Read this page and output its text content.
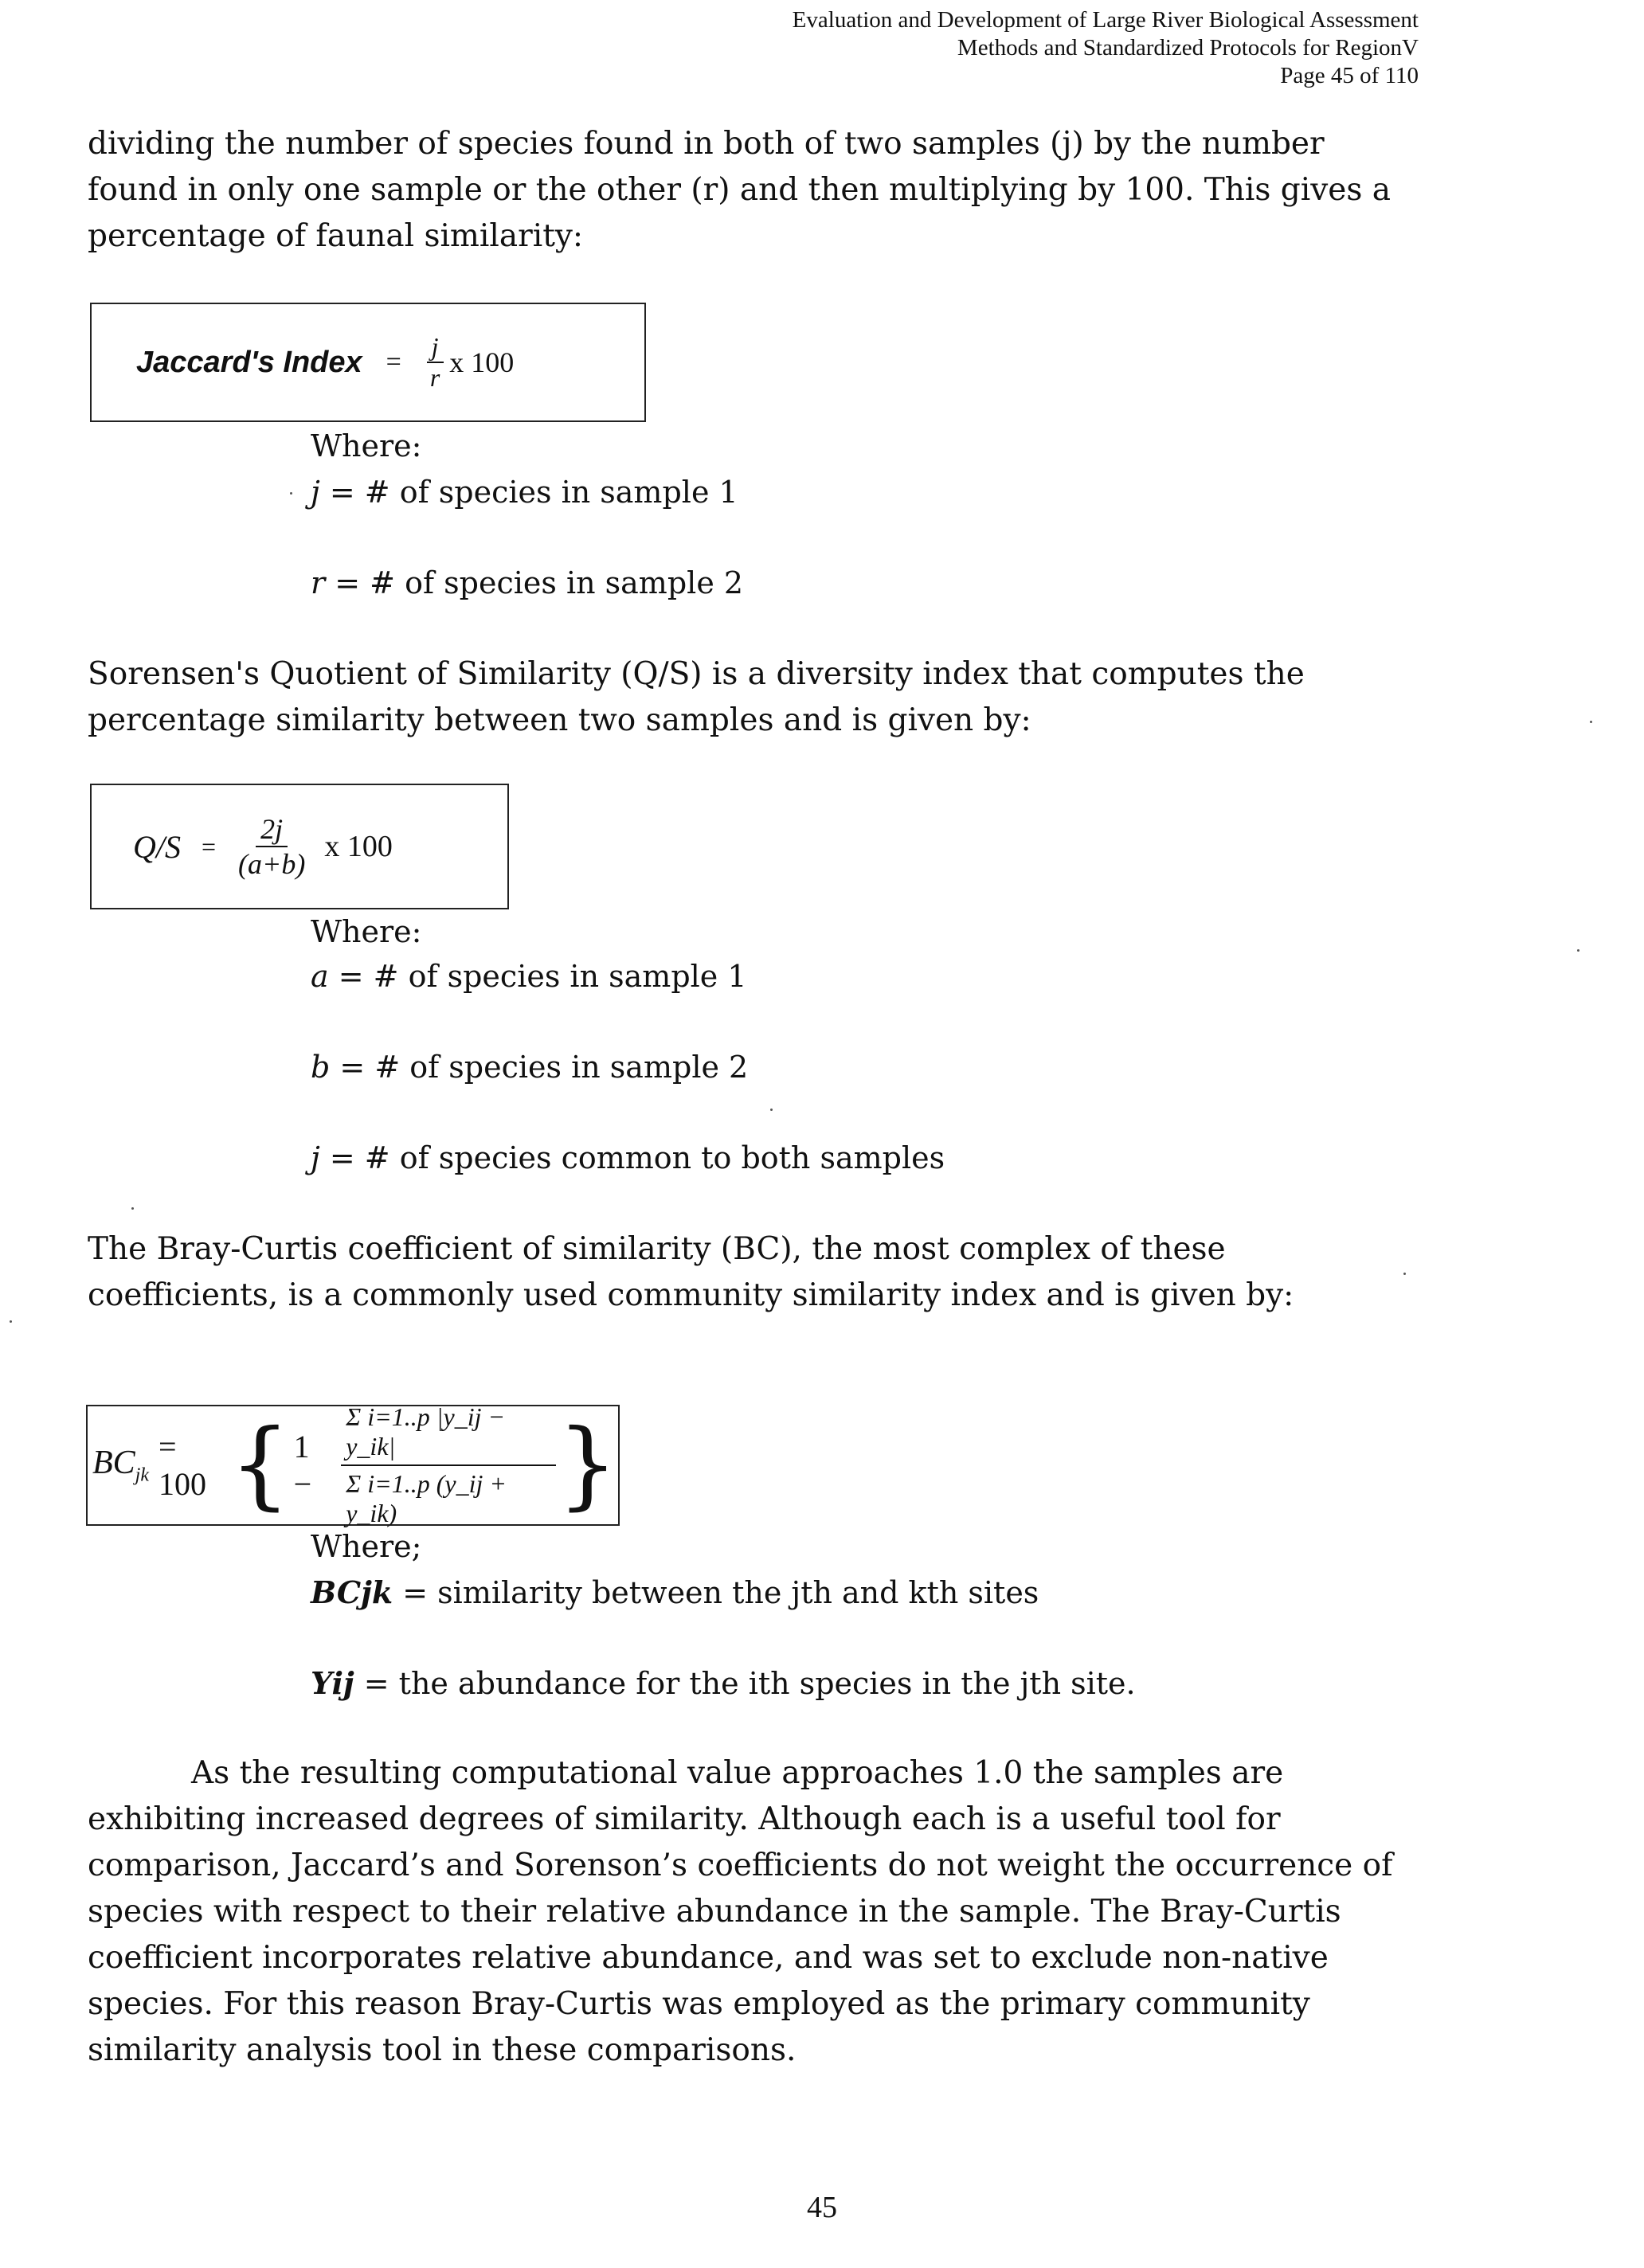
Evaluation and Development of Large River Biological Assessment
Methods and Standardized Protocols for RegionV
Page 45 of 110
dividing the number of species found in both of two samples (j) by the number found in only one sample or the other (r) and then multiplying by 100. This gives a percentage of faunal similarity:
Jaccard's Index = $\frac{j}{r}$ x 100
Where:
j = # of species in sample 1
r = # of species in sample 2
Sorensen's Quotient of Similarity (Q/S) is a diversity index that computes the percentage similarity between two samples and is given by:
$Q/S = \frac{2j}{(a+b)}$ x 100
Where:
a = # of species in sample 1
b = # of species in sample 2
j = # of species common to both samples
The Bray-Curtis coefficient of similarity (BC), the most complex of these coefficients, is a commonly used community similarity index and is given by:
$BC_{jk}$
= 100 { 1 −	$\frac{\text{Σ i=1..p |y\_ij − y\_ik|}}{\text{Σ i=1..p (y\_ij + y\_ik)}}$ }
Where;
BCjk = similarity between the jth and kth sites
Yij = the abundance for the ith species in the jth site.
As the resulting computational value approaches 1.0 the samples are exhibiting increased degrees of similarity. Although each is a useful tool for comparison, Jaccard’s and Sorenson’s coefficients do not weight the occurrence of species with respect to their relative abundance in the sample. The Bray-Curtis coefficient incorporates relative abundance, and was set to exclude non-native species. For this reason Bray-Curtis was employed as the primary community similarity analysis tool in these comparisons.
45
